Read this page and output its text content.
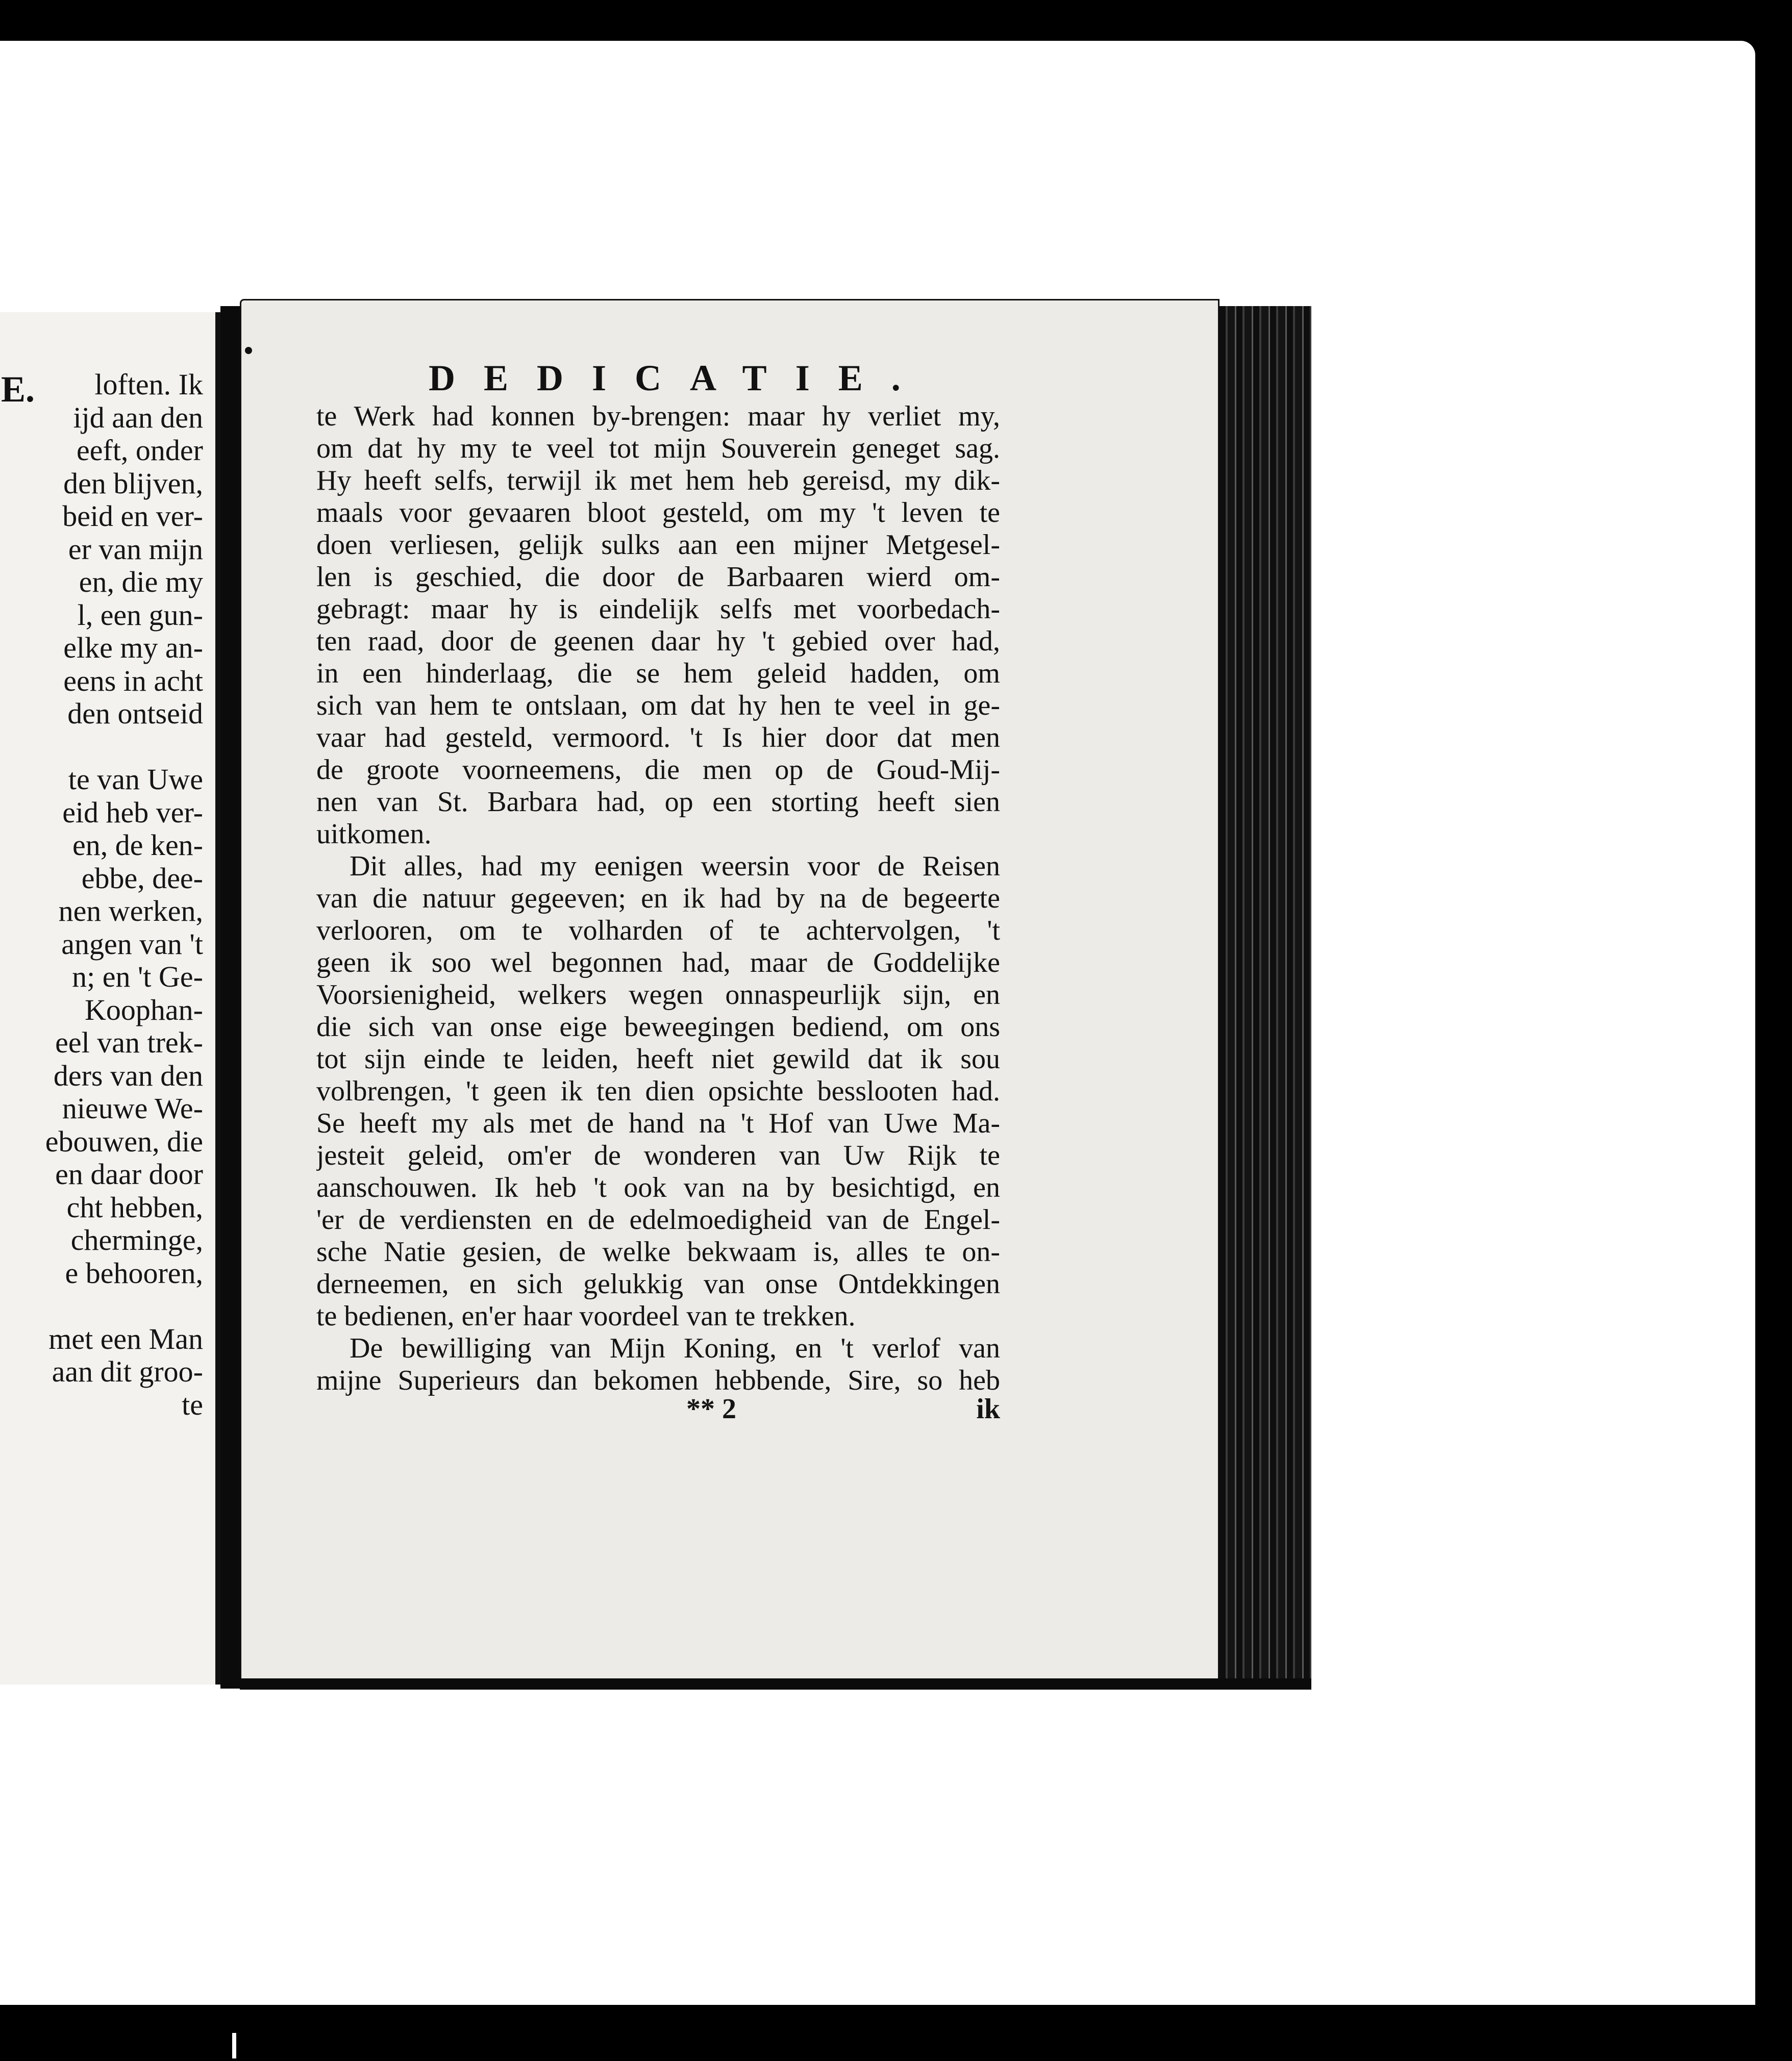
E.	loften. Ik
ijd aan den
eeft, onder
den blijven,
beid en ver-
er van mijn
en, die my
l, een gun-
elke my an-
eens in acht
den ontseid

te van Uwe
eid heb ver-
en, de ken-
ebbe, dee-
nen werken,
angen van 't
n; en 't Ge-
Koophan-
eel van trek-
ders van den
nieuwe We-
ebouwen, die
en daar door
cht hebben,
cherminge,
e behooren,

met een Man
aan dit groo-
te
DEDICATIE.
te Werk had konnen by-brengen: maar hy verliet my,
om dat hy my te veel tot mijn Souverein geneget sag.
Hy heeft selfs, terwijl ik met hem heb gereisd, my dik-
maals voor gevaaren bloot gesteld, om my 't leven te
doen verliesen, gelijk sulks aan een mijner Metgesel-
len is geschied, die door de Barbaaren wierd om-
gebragt: maar hy is eindelijk selfs met voorbedach-
ten raad, door de geenen daar hy 't gebied over had,
in een hinderlaag, die se hem geleid hadden, om
sich van hem te ontslaan, om dat hy hen te veel in ge-
vaar had gesteld, vermoord. 't Is hier door dat men
de groote voorneemens, die men op de Goud-Mij-
nen van St. Barbara had, op een storting heeft sien
uitkomen.
Dit alles, had my eenigen weersin voor de Reisen
van die natuur gegeeven; en ik had by na de begeerte
verlooren, om te volharden of te achtervolgen, 't
geen ik soo wel begonnen had, maar de Goddelijke
Voorsienigheid, welkers wegen onnaspeurlijk sijn, en
die sich van onse eige beweegingen bediend, om ons
tot sijn einde te leiden, heeft niet gewild dat ik sou
volbrengen, 't geen ik ten dien opsichte besslooten had.
Se heeft my als met de hand na 't Hof van Uwe Ma-
jesteit geleid, om'er de wonderen van Uw Rijk te
aanschouwen. Ik heb 't ook van na by besichtigd, en
'er de verdiensten en de edelmoedigheid van de Engel-
sche Natie gesien, de welke bekwaam is, alles te on-
derneemen, en sich gelukkig van onse Ontdekkingen
te bedienen, en'er haar voordeel van te trekken.
De bewilliging van Mijn Koning, en 't verlof van
mijne Superieurs dan bekomen hebbende, Sire, so heb
** 2	ik
